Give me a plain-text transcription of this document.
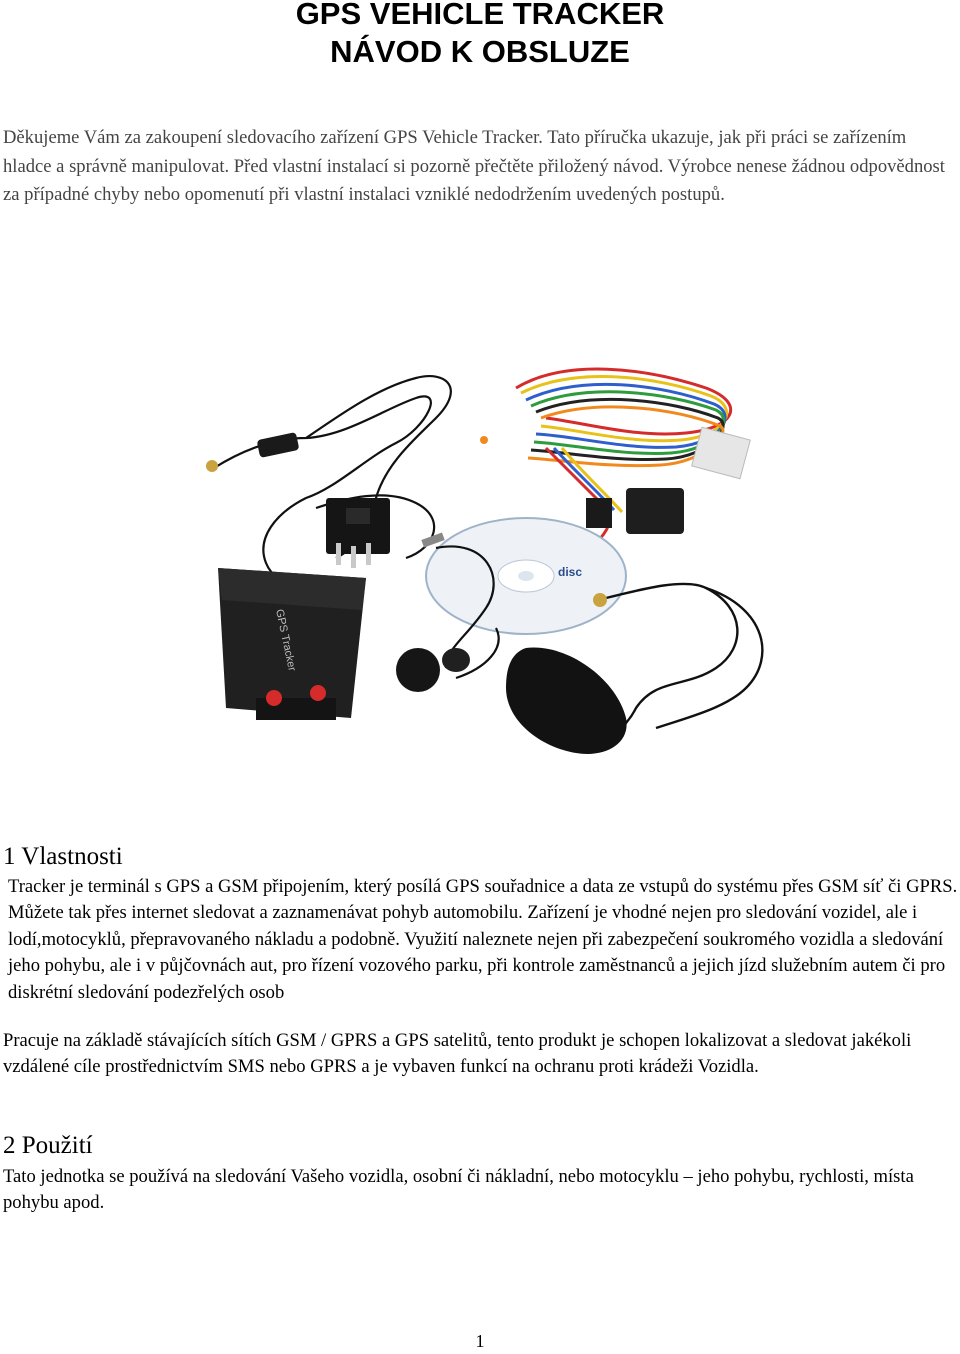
GPS VEHICLE TRACKER
NÁVOD K OBSLUZE

Děkujeme Vám za zakoupení sledovacího zařízení GPS Vehicle Tracker. Tato příručka ukazuje, jak při práci se zařízením hladce a správně manipulovat. Před vlastní instalací si pozorně přečtěte přiložený návod. Výrobce nenese žádnou odpovědnost za případné chyby nebo opomenutí při vlastní instalaci vzniklé nedodržením uvedených postupů.

disc
GPS Tracker
1 Vlastnosti

Tracker je terminál s GPS a GSM připojením, který posílá GPS souřadnice a data ze vstupů do systému přes GSM síť či GPRS. Můžete tak přes internet sledovat a zaznamenávat pohyb automobilu. Zařízení je vhodné nejen pro sledování vozidel, ale i lodí,motocyklů, přepravovaného nákladu a podobně. Využití naleznete nejen při zabezpečení soukromého vozidla a sledování jeho pohybu, ale i v půjčovnách aut, pro řízení vozového parku, při kontrole zaměstnanců a jejich jízd služebním autem či pro diskrétní sledování podezřelých osob

Pracuje na základě stávajících sítích GSM / GPRS a GPS satelitů, tento produkt je schopen lokalizovat a sledovat jakékoli vzdálené cíle prostřednictvím SMS nebo GPRS a je vybaven funkcí na ochranu proti krádeži Vozidla.

2 Použití

Tato jednotka se používá na sledování Vašeho vozidla, osobní či nákladní, nebo motocyklu – jeho pohybu, rychlosti, místa pohybu apod.

1
